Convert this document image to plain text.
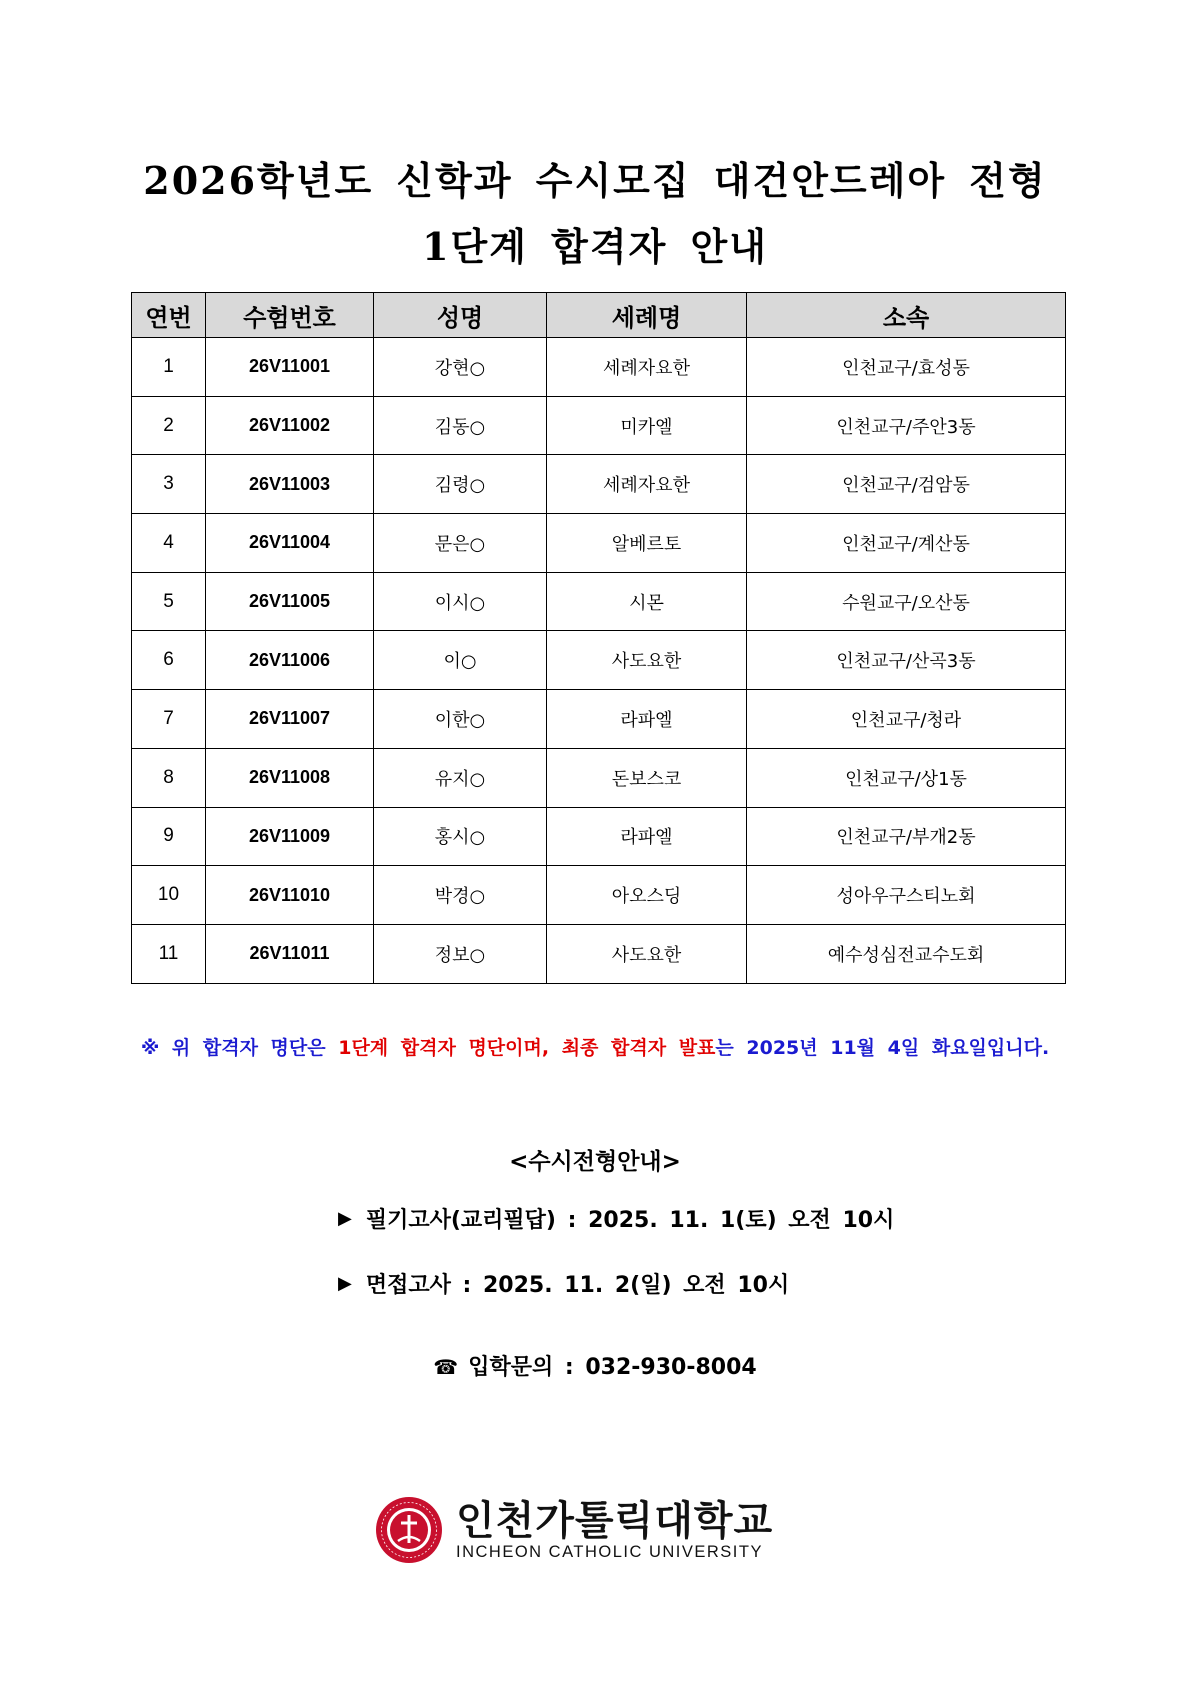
2026학년도 신학과 수시모집 대건안드레아 전형
1단계 합격자 안내
연번	수험번호	성명	세례명	소속
1	26V11001	강현○	세례자요한	인천교구/효성동
2	26V11002	김동○	미카엘	인천교구/주안3동
3	26V11003	김령○	세례자요한	인천교구/검암동
4	26V11004	문은○	알베르토	인천교구/계산동
5	26V11005	이시○	시몬	수원교구/오산동
6	26V11006	이○	사도요한	인천교구/산곡3동
7	26V11007	이한○	라파엘	인천교구/청라
8	26V11008	유지○	돈보스코	인천교구/상1동
9	26V11009	홍시○	라파엘	인천교구/부개2동
10	26V11010	박경○	아오스딩	성아우구스티노회
11	26V11011	정보○	사도요한	예수성심전교수도회

※ 위 합격자 명단은 1단계 합격자 명단이며, 최종 합격자 발표는 2025년 11월 4일 화요일입니다.

<수시전형안내>

▶ 필기고사(교리필답) : 2025. 11. 1(토) 오전 10시

▶ 면접고사 : 2025. 11. 2(일) 오전 10시

☎ 입학문의 : 032-930-8004

인천가톨릭대학교
INCHEON CATHOLIC UNIVERSITY
